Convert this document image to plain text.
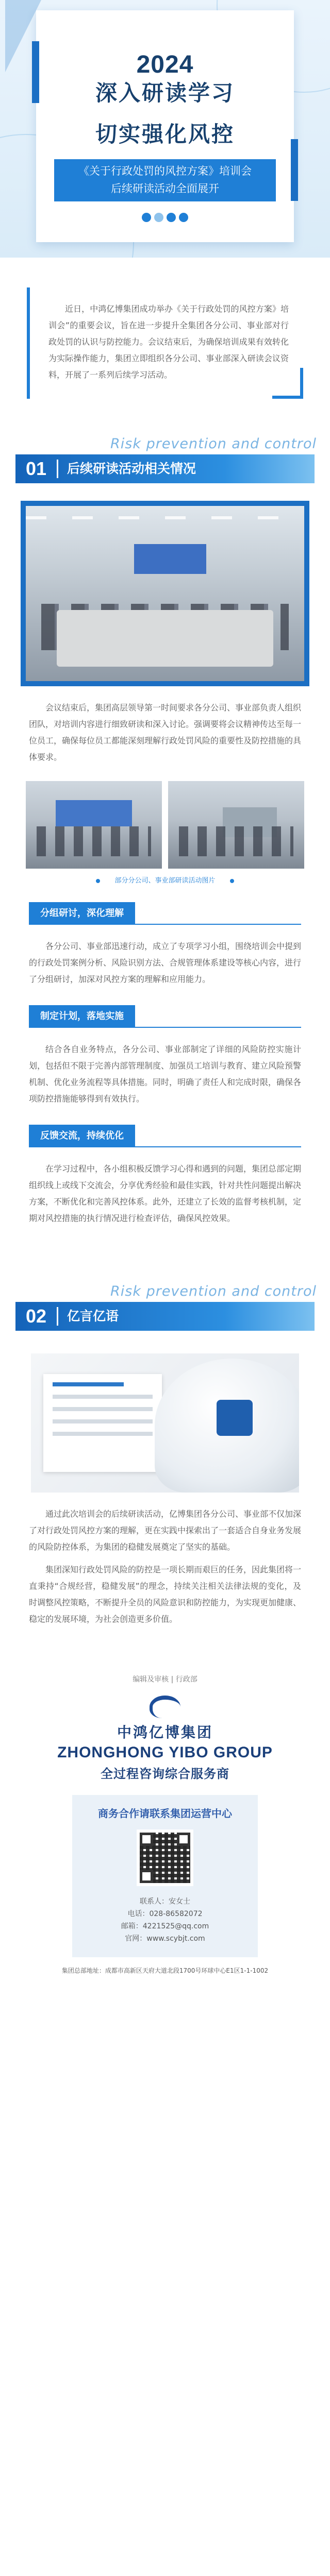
2024
深入研读学习
切实强化风控
《关于行政处罚的风控方案》培训会
后续研读活动全面展开

近日，中鸿亿博集团成功举办《关于行政处罚的风控方案》培训会”的重要会议，旨在进一步提升全集团各分公司、事业部对行政处罚的认识与防控能力。会议结束后，为确保培训成果有效转化为实际操作能力，集团立即组织各分公司、事业部深入研读会议资料，开展了一系列后续学习活动。

Risk prevention and control
01	后续研读活动相关情况

会议结束后，集团高层领导第一时间要求各分公司、事业部负责人组织团队，对培训内容进行细致研读和深入讨论。强调要将会议精神传达至每一位员工，确保每位员工都能深刻理解行政处罚风险的重要性及防控措施的具体要求。

部分分公司、事业部研读活动图片
分组研讨，深化理解

各分公司、事业部迅速行动，成立了专项学习小组，围绕培训会中提到的行政处罚案例分析、风险识别方法、合规管理体系建设等核心内容，进行了分组研讨，加深对风控方案的理解和应用能力。

制定计划，落地实施

结合各自业务特点，各分公司、事业部制定了详细的风险防控实施计划，包括但不限于完善内部管理制度、加强员工培训与教育、建立风险预警机制、优化业务流程等具体措施。同时，明确了责任人和完成时限，确保各项防控措施能够得到有效执行。

反馈交流，持续优化

在学习过程中，各小组积极反馈学习心得和遇到的问题，集团总部定期组织线上或线下交流会，分享优秀经验和最佳实践，针对共性问题提出解决方案，不断优化和完善风控体系。此外，还建立了长效的监督考核机制，定期对风控措施的执行情况进行检查评估，确保风控效果。

Risk prevention and control
02	亿言亿语

通过此次培训会的后续研读活动，亿博集团各分公司、事业部不仅加深了对行政处罚风控方案的理解，更在实践中探索出了一套适合自身业务发展的风险防控体系，为集团的稳健发展奠定了坚实的基础。

集团深知行政处罚风险的防控是一项长期而艰巨的任务，因此集团将一直秉持“合规经营，稳健发展”的理念，持续关注相关法律法规的变化，及时调整风控策略，不断提升全员的风险意识和防控能力，为实现更加健康、稳定的发展环境，为社会创造更多价值。

编辑及审核 | 行政部
中鸿亿博集团
ZHONGHONG YIBO GROUP
全过程咨询综合服务商
商务合作请联系集团运营中心
联系人：安女士
电话：028-86582072
邮箱：4221525@qq.com
官网：www.scybjt.com
集团总部地址：成都市高新区天府大道北段1700号环球中心E1区1-1-1002
